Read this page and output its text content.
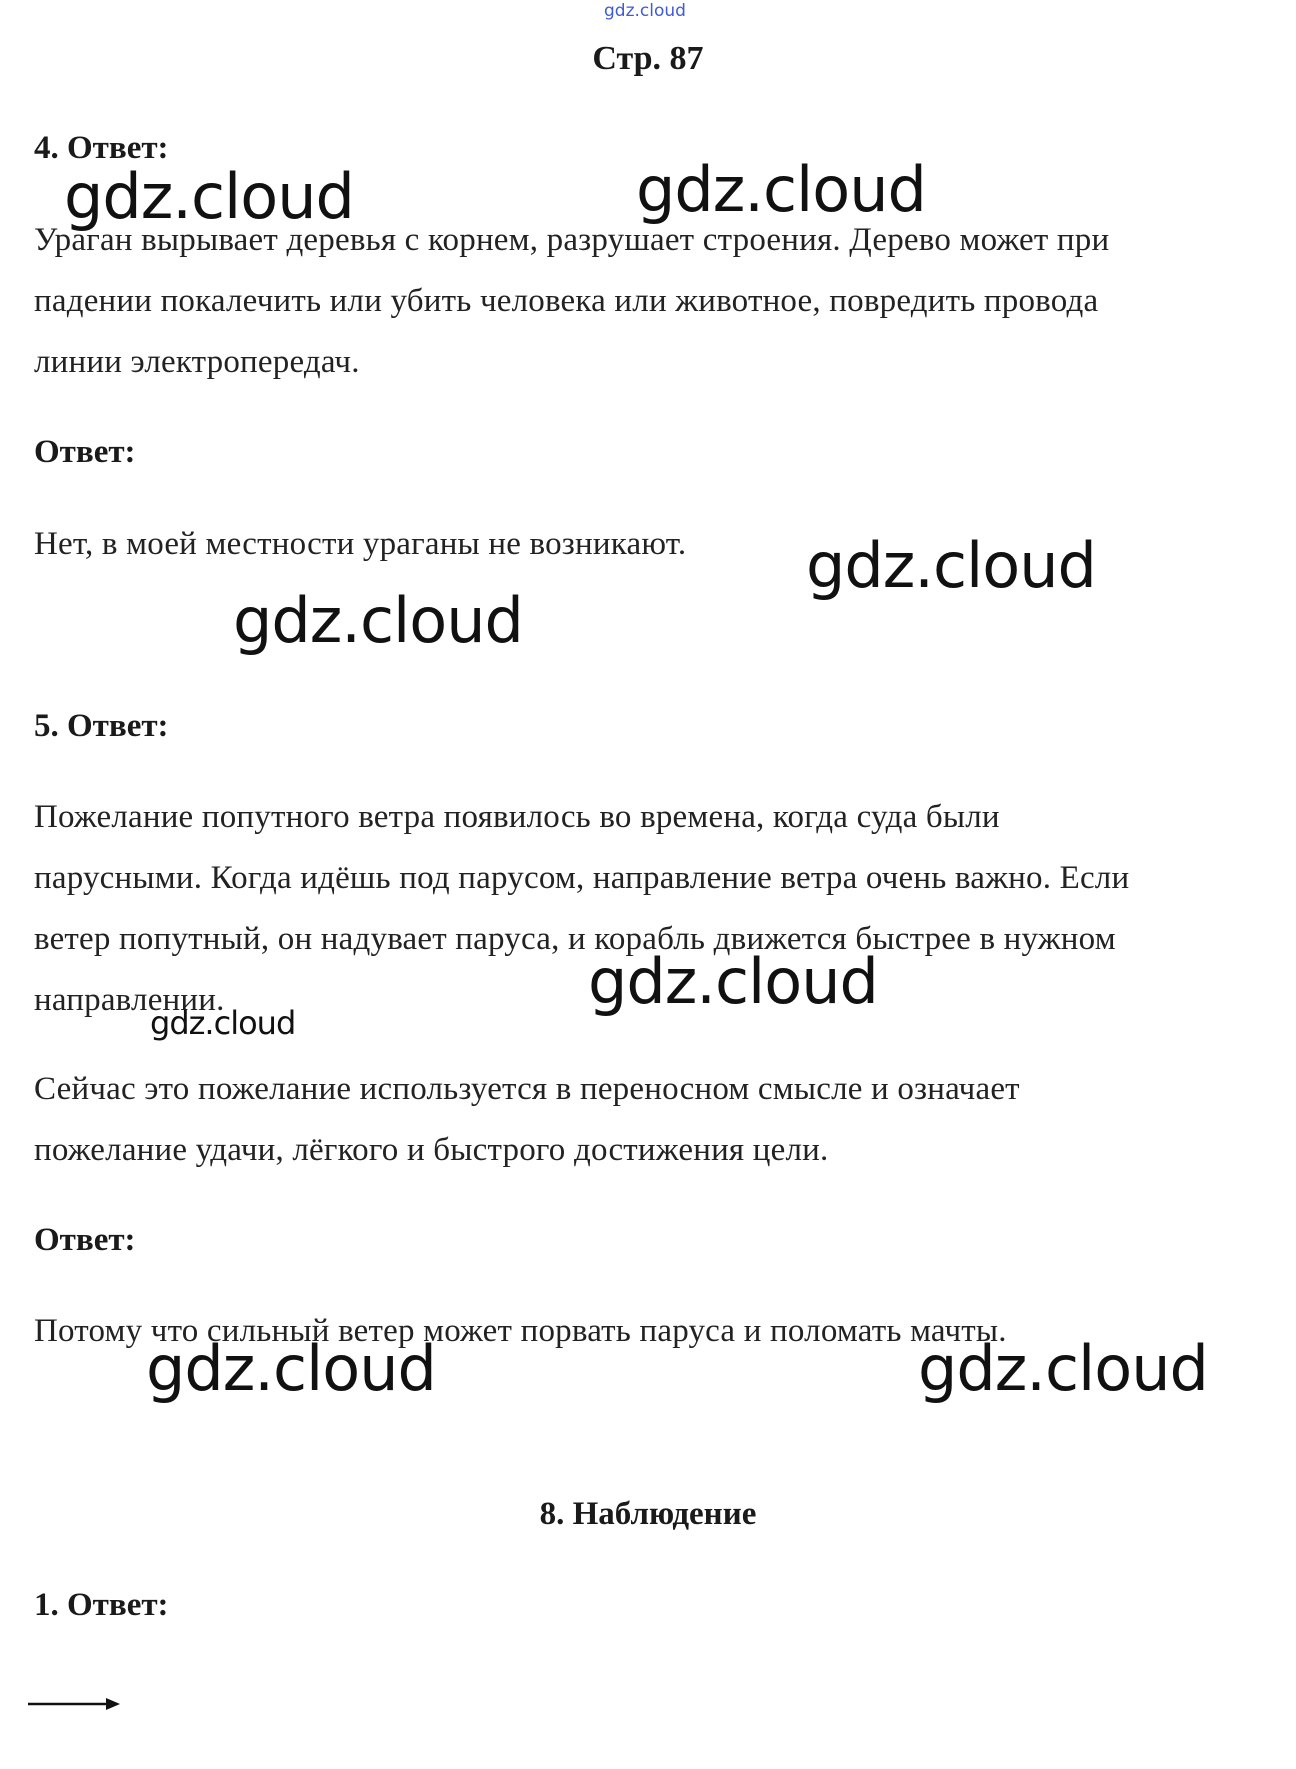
gdz.cloud
Стр. 87
4. Ответ:
Ураган вырывает деревья с корнем, разрушает строения. Дерево может при
падении покалечить или убить человека или животное, повредить провода
линии электропередач.
Ответ:
Нет, в моей местности ураганы не возникают.
5. Ответ:
Пожелание попутного ветра появилось во времена, когда суда были
парусными. Когда идёшь под парусом, направление ветра очень важно. Если
ветер попутный, он надувает паруса, и корабль движется быстрее в нужном
направлении.
Сейчас это пожелание используется в переносном смысле и означает
пожелание удачи, лёгкого и быстрого достижения цели.
Ответ:
Потому что сильный ветер может порвать паруса и поломать мачты.
8. Наблюдение
1. Ответ:
gdz.cloud	gdz.cloud
gdz.cloud
gdz.cloud
gdz.cloud
gdz.cloud
gdz.cloud	gdz.cloud
